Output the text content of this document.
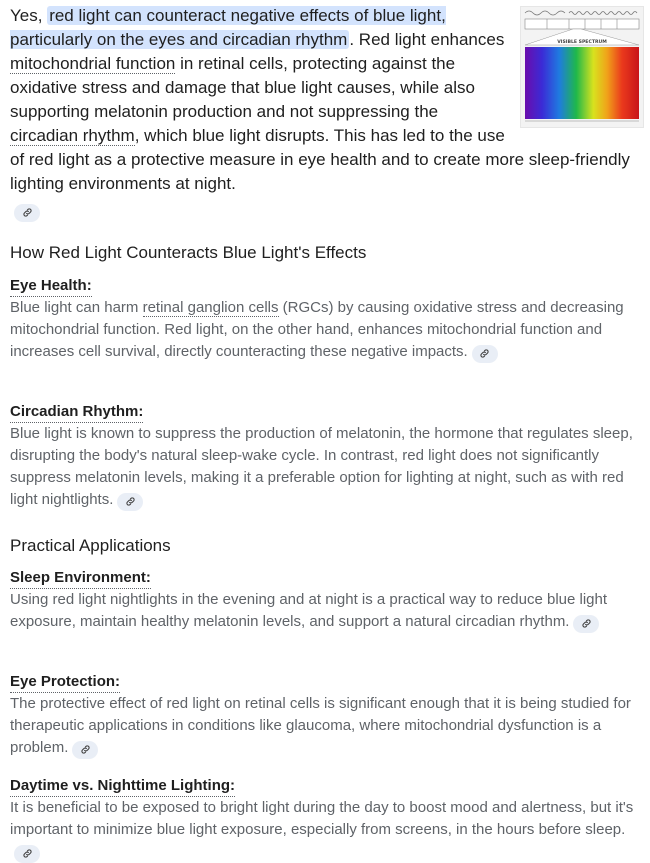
VISIBLE SPECTRUM
Yes, red light can counteract negative effects of blue light, particularly on the eyes and circadian rhythm . Red light enhances mitochondrial function in retinal cells, protecting against the oxidative stress and damage that blue light causes, while also supporting melatonin production and not suppressing the circadian rhythm, which blue light disrupts. This has led to the use of red light as a protective measure in eye health and to create more sleep-friendly lighting environments at night.
How Red Light Counteracts Blue Light's Effects
Eye Health:
Blue light can harm retinal ganglion cells (RGCs) by causing oxidative stress and decreasing mitochondrial function. Red light, on the other hand, enhances mitochondrial function and increases cell survival, directly counteracting these negative impacts.
Circadian Rhythm:
Blue light is known to suppress the production of melatonin, the hormone that regulates sleep, disrupting the body's natural sleep-wake cycle. In contrast, red light does not significantly suppress melatonin levels, making it a preferable option for lighting at night, such as with red light nightlights.
Practical Applications
Sleep Environment:
Using red light nightlights in the evening and at night is a practical way to reduce blue light exposure, maintain healthy melatonin levels, and support a natural circadian rhythm.
Eye Protection:
The protective effect of red light on retinal cells is significant enough that it is being studied for therapeutic applications in conditions like glaucoma, where mitochondrial dysfunction is a problem.
Daytime vs. Nighttime Lighting:
It is beneficial to be exposed to bright light during the day to boost mood and alertness, but it's important to minimize blue light exposure, especially from screens, in the hours before sleep.
